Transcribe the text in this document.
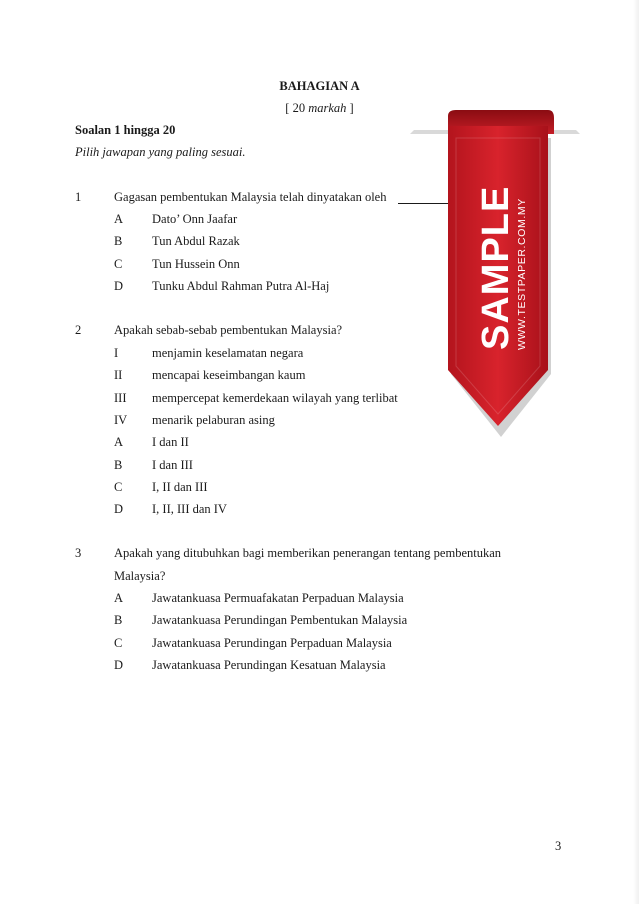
BAHAGIAN A
[ 20 markah ]
Soalan 1 hingga 20
Pilih jawapan yang paling sesuai.
1	Gagasan pembentukan Malaysia telah dinyatakan oleh
A Dato’ Onn Jaafar
B Tun Abdul Razak
C Tun Hussein Onn
D Tunku Abdul Rahman Putra Al-Haj
2	Apakah sebab-sebab pembentukan Malaysia?
I	menjamin keselamatan negara
II mencapai keseimbangan kaum
III mempercepat kemerdekaan wilayah yang terlibat
IV menarik pelaburan asing
A I dan II
B I dan III
C I, II dan III
D I, II, III dan IV
3	Apakah yang ditubuhkan bagi memberikan penerangan tentang pembentukan
Malaysia?
A Jawatankuasa Permuafakatan Perpaduan Malaysia
B Jawatankuasa Perundingan Pembentukan Malaysia
C Jawatankuasa Perundingan Perpaduan Malaysia
D Jawatankuasa Perundingan Kesatuan Malaysia
3
SAMPLE WWW.TESTPAPER.COM.MY
